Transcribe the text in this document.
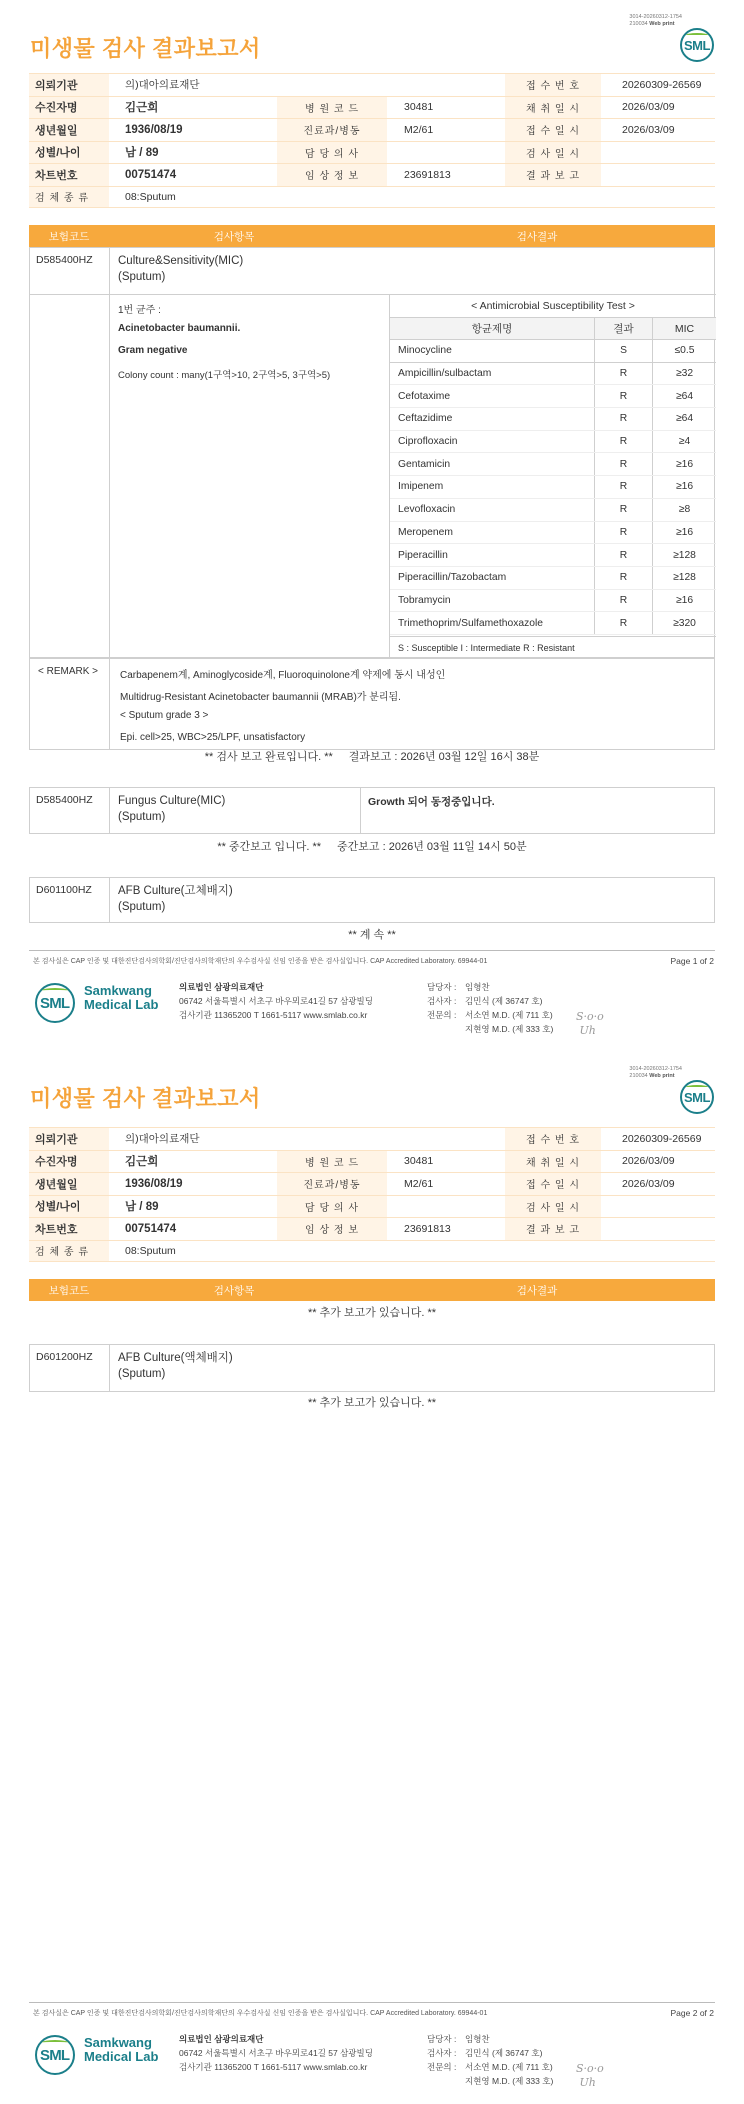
3014-20260312-1754
210034 Web print
SML
미생물 검사 결과보고서
의뢰기관	의)대아의료재단	접 수 번 호	20260309-26569
수진자명	김근희	병 원 코 드	30481	채 취 일 시	2026/03/09
생년월일	1936/08/19	진료과/병동	M2/61	접 수 일 시	2026/03/09
성별/나이	남 / 89	담 당 의 사	검 사 일 시
차트번호	00751474	임 상 정 보	23691813	결 과 보 고
검 체 종 류	08:Sputum
보험코드	검사항목	검사결과
D585400HZ	Culture&Sensitivity(MIC)
(Sputum)
1번 균주 :
Acinetobacter baumannii.
Gram negative
Colony count : many(1구역>10, 2구역>5, 3구역>5)
< Antimicrobial Susceptibility Test >
항균제명	결과	MIC
Minocycline	S	≤0.5
Ampicillin/sulbactam	R	≥32
Cefotaxime	R	≥64
Ceftazidime	R	≥64
Ciprofloxacin	R	≥4
Gentamicin	R	≥16
Imipenem	R	≥16
Levofloxacin	R	≥8
Meropenem	R	≥16
Piperacillin	R	≥128
Piperacillin/Tazobactam	R	≥128
Tobramycin	R	≥16
Trimethoprim/Sulfamethoxazole	R	≥320
S : Susceptible I : Intermediate R : Resistant
< REMARK >	Carbapenem계, Aminoglycoside계, Fluoroquinolone계 약제에 동시 내성인
Multidrug-Resistant Acinetobacter baumannii (MRAB)가 분리됨.
< Sputum grade 3 >
Epi. cell>25, WBC>25/LPF, unsatisfactory
** 검사 보고 완료입니다. ** 결과보고 : 2026년 03월 12일 16시 38분
D585400HZ	Fungus Culture(MIC)
(Sputum)
Growth 되어 동정중입니다.
** 중간보고 입니다. ** 중간보고 : 2026년 03월 11일 14시 50분
D601100HZ	AFB Culture(고체배지)
(Sputum)
** 계 속 **
본 검사실은 CAP 인증 및 대한진단검사의학회/진단검사의학재단의 우수검사실 신임 인증을 받은 검사실입니다. CAP Accredited Laboratory. 69944-01	Page 1 of 2
SML
Samkwang
Medical Lab
의료법인 삼광의료재단
06742 서울특별시 서초구 바우뫼로41길 57 삼광빌딩
검사기관 11365200 T 1661-5117 www.smlab.co.kr
담당자 :	임형찬
검사자 :	김민식 (제 36747 호)
전문의 :	서소연 M.D. (제 711 호)
지현영 M.D. (제 333 호)
S·o·o
Uh
3014-20260312-1754
210034 Web print
SML
미생물 검사 결과보고서
의뢰기관	의)대아의료재단	접 수 번 호	20260309-26569
수진자명	김근희	병 원 코 드	30481	채 취 일 시	2026/03/09
생년월일	1936/08/19	진료과/병동	M2/61	접 수 일 시	2026/03/09
성별/나이	남 / 89	담 당 의 사	검 사 일 시
차트번호	00751474	임 상 정 보	23691813	결 과 보 고
검 체 종 류	08:Sputum
보험코드	검사항목	검사결과
** 추가 보고가 있습니다. **
D601200HZ	AFB Culture(액체배지)
(Sputum)
** 추가 보고가 있습니다. **
본 검사실은 CAP 인증 및 대한진단검사의학회/진단검사의학재단의 우수검사실 신임 인증을 받은 검사실입니다. CAP Accredited Laboratory. 69944-01	Page 2 of 2
SML
Samkwang
Medical Lab
의료법인 삼광의료재단
06742 서울특별시 서초구 바우뫼로41길 57 삼광빌딩
검사기관 11365200 T 1661-5117 www.smlab.co.kr
담당자 :	임형찬
검사자 :	김민식 (제 36747 호)
전문의 :	서소연 M.D. (제 711 호)
지현영 M.D. (제 333 호)
S·o·o
Uh
